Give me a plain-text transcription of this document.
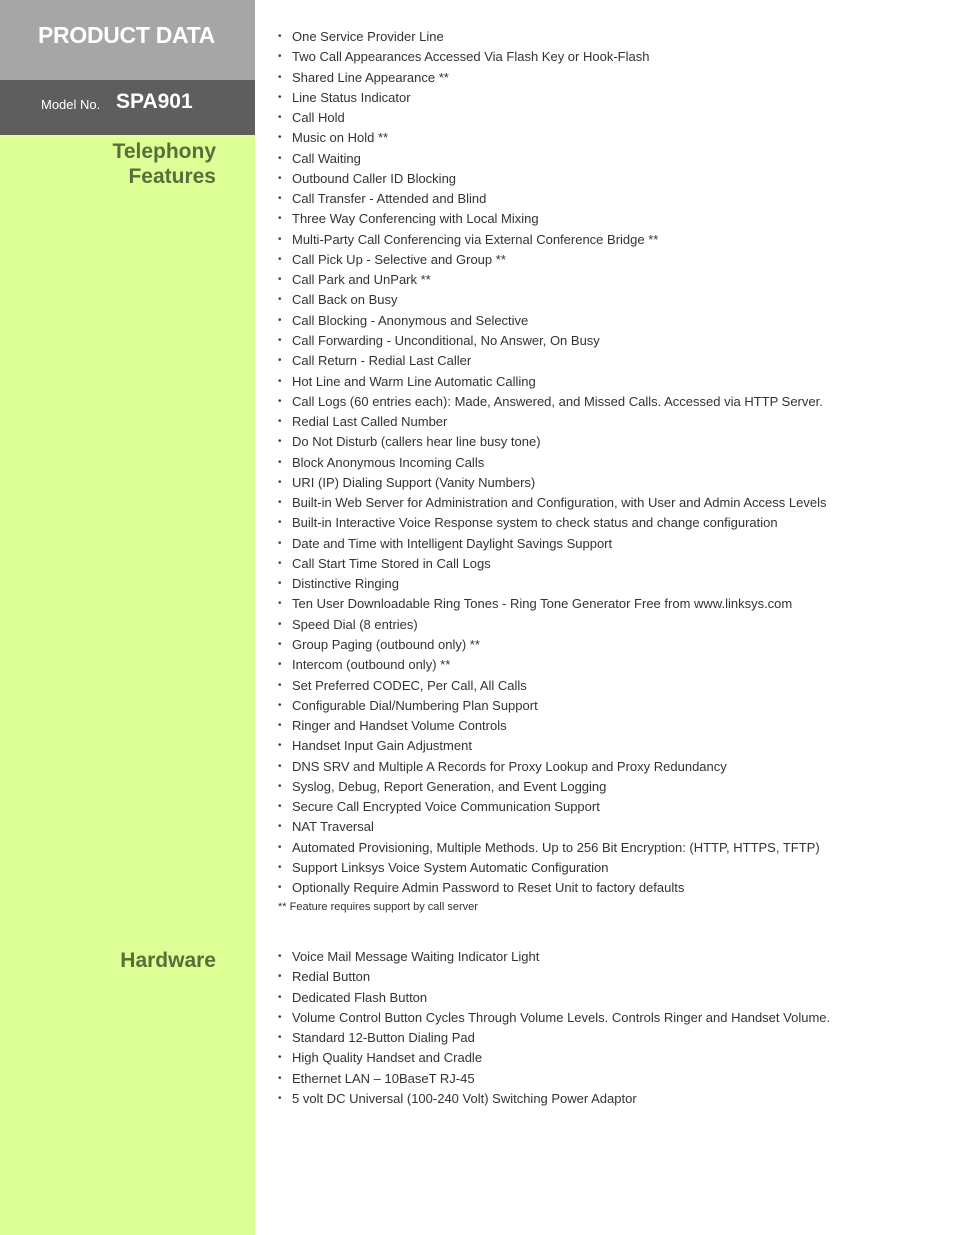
PRODUCT DATA
Model No. SPA901
Telephony
Features
• One Service Provider Line
• Two Call Appearances Accessed Via Flash Key or Hook-Flash
• Shared Line Appearance **
• Line Status Indicator
• Call Hold
• Music on Hold **
• Call Waiting
• Outbound Caller ID Blocking
• Call Transfer - Attended and Blind
• Three Way Conferencing with Local Mixing
• Multi-Party Call Conferencing via External Conference Bridge **
• Call Pick Up - Selective and Group **
• Call Park and UnPark **
• Call Back on Busy
• Call Blocking - Anonymous and Selective
• Call Forwarding - Unconditional, No Answer, On Busy
• Call Return - Redial Last Caller
• Hot Line and Warm Line Automatic Calling
• Call Logs (60 entries each): Made, Answered, and Missed Calls. Accessed via HTTP Server.
• Redial Last Called Number
• Do Not Disturb (callers hear line busy tone)
• Block Anonymous Incoming Calls
• URI (IP) Dialing Support (Vanity Numbers)
• Built-in Web Server for Administration and Configuration, with User and Admin Access Levels
• Built-in Interactive Voice Response system to check status and change configuration
• Date and Time with Intelligent Daylight Savings Support
• Call Start Time Stored in Call Logs
• Distinctive Ringing
• Ten User Downloadable Ring Tones - Ring Tone Generator Free from www.linksys.com
• Speed Dial (8 entries)
• Group Paging (outbound only) **
• Intercom (outbound only) **
• Set Preferred CODEC, Per Call, All Calls
• Configurable Dial/Numbering Plan Support
• Ringer and Handset Volume Controls
• Handset Input Gain Adjustment
• DNS SRV and Multiple A Records for Proxy Lookup and Proxy Redundancy
• Syslog, Debug, Report Generation, and Event Logging
• Secure Call Encrypted Voice Communication Support
• NAT Traversal
• Automated Provisioning, Multiple Methods. Up to 256 Bit Encryption: (HTTP, HTTPS, TFTP)
• Support Linksys Voice System Automatic Configuration
• Optionally Require Admin Password to Reset Unit to factory defaults
** Feature requires support by call server
Hardware	• Voice Mail Message Waiting Indicator Light
• Redial Button
• Dedicated Flash Button
• Volume Control Button Cycles Through Volume Levels. Controls Ringer and Handset Volume.
• Standard 12-Button Dialing Pad
• High Quality Handset and Cradle
• Ethernet LAN – 10BaseT RJ-45
• 5 volt DC Universal (100-240 Volt) Switching Power Adaptor
